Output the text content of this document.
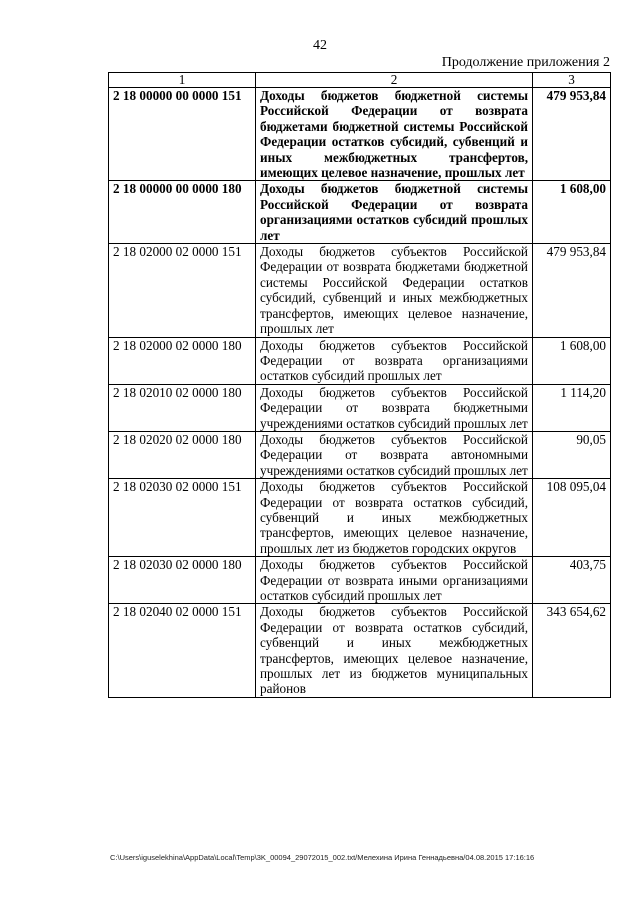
42
Продолжение приложения 2
1	2	3
2 18 00000 00 0000 151	Доходы бюджетов бюджетной системы Российской Федерации от возврата бюджетами бюджетной системы Российской Федерации остатков субсидий, субвенций и иных межбюджетных трансфертов, имеющих целевое назначение, прошлых лет	479 953,84
2 18 00000 00 0000 180	Доходы бюджетов бюджетной системы Российской Федерации от возврата организациями остатков субсидий прошлых лет	1 608,00
2 18 02000 02 0000 151	Доходы бюджетов субъектов Российской Федерации от возврата бюджетами бюджетной системы Российской Федерации остатков субсидий, субвенций и иных межбюджетных трансфертов, имеющих целевое назначение, прошлых лет	479 953,84
2 18 02000 02 0000 180	Доходы бюджетов субъектов Российской Федерации от возврата организациями остатков субсидий прошлых лет	1 608,00
2 18 02010 02 0000 180	Доходы бюджетов субъектов Российской Федерации от возврата бюджетными учреждениями остатков субсидий прошлых лет	1 114,20
2 18 02020 02 0000 180	Доходы бюджетов субъектов Российской Федерации от возврата автономными учреждениями остатков субсидий прошлых лет	90,05
2 18 02030 02 0000 151	Доходы бюджетов субъектов Российской Федерации от возврата остатков субсидий, субвенций и иных межбюджетных трансфертов, имеющих целевое назначение, прошлых лет из бюджетов городских округов	108 095,04
2 18 02030 02 0000 180	Доходы бюджетов субъектов Российской Федерации от возврата иными организациями остатков субсидий прошлых лет	403,75
2 18 02040 02 0000 151	Доходы бюджетов субъектов Российской Федерации от возврата остатков субсидий, субвенций и иных межбюджетных трансфертов, имеющих целевое назначение, прошлых лет из бюджетов муниципальных районов	343 654,62
C:\Users\iguselekhina\AppData\Local\Temp\3K_00094_29072015_002.txt/Мелехина Ирина Геннадьевна/04.08.2015 17:16:16
